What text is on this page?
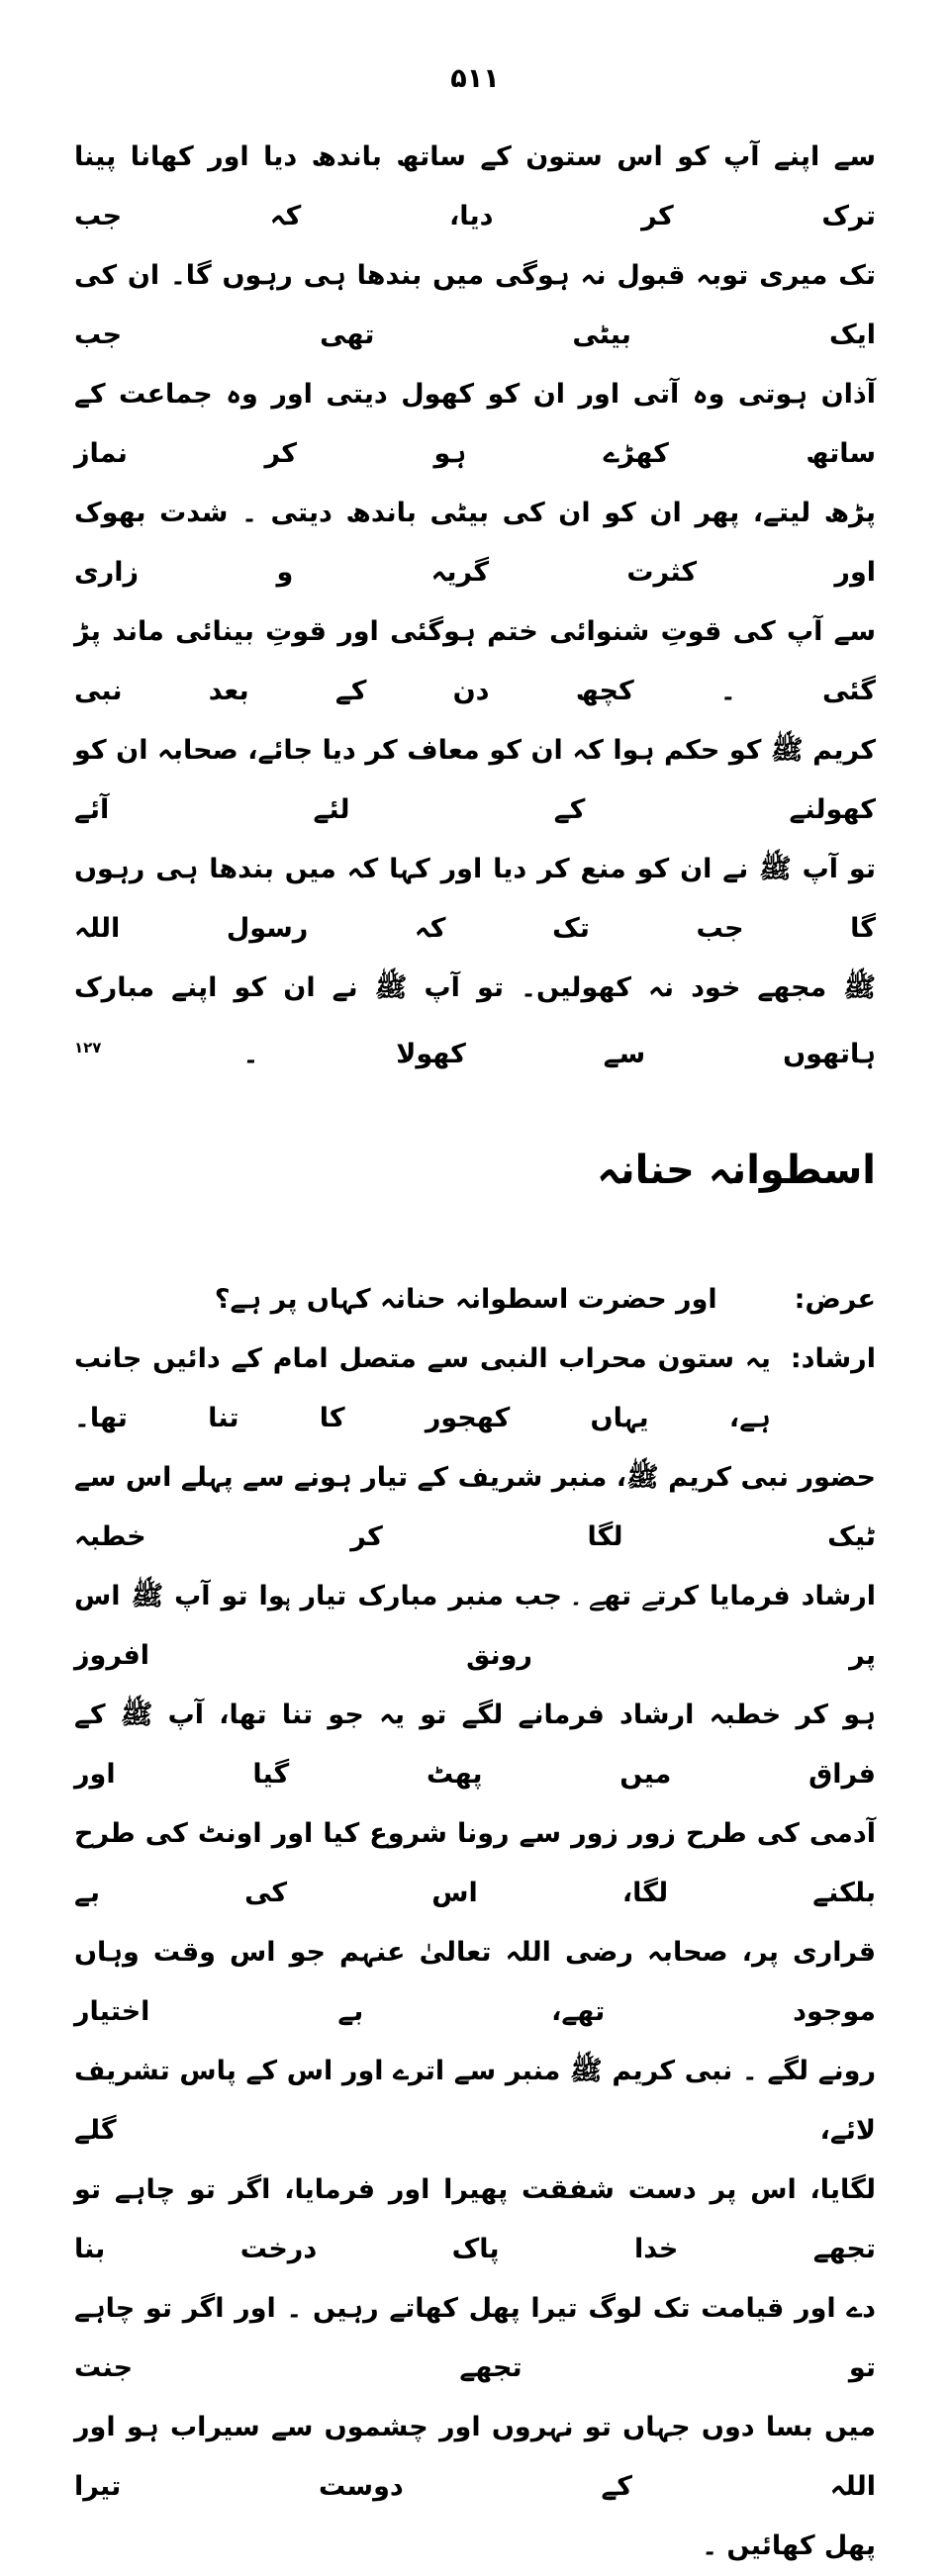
۵۱۱
سے اپنے آپ کو اس ستون کے ساتھ باندھ دیا اور کھانا پینا ترک کر دیا، کہ جب
تک میری توبہ قبول نہ ہوگی میں بندھا ہی رہوں گا۔ ان کی ایک بیٹی تھی جب
آذان ہوتی وہ آتی اور ان کو کھول دیتی اور وہ جماعت کے ساتھ کھڑے ہو کر نماز
پڑھ لیتے، پھر ان کو ان کی بیٹی باندھ دیتی ۔ شدت بھوک اور کثرت گریہ و زاری
سے آپ کی قوتِ شنوائی ختم ہوگئی اور قوتِ بینائی ماند پڑ گئی ۔ کچھ دن کے بعد نبی
کریم ﷺ کو حکم ہوا کہ ان کو معاف کر دیا جائے، صحابہ ان کو کھولنے کے لئے آئے
تو آپ ﷺ نے ان کو منع کر دیا اور کہا کہ میں بندھا ہی رہوں گا جب تک کہ رسول اللہ
ﷺ مجھے خود نہ کھولیں۔ تو آپ ﷺ نے ان کو اپنے مبارک ہاتھوں سے کھولا ۔ $^{۱۲۷}$
اسطوانہ حنانہ
عرض:
اور حضرت اسطوانہ حنانہ کہاں پر ہے؟
ارشاد:
یہ ستون محراب النبی سے متصل امام کے دائیں جانب ہے، یہاں کھجور کا تنا تھا۔
حضور نبی کریم ﷺ، منبر شریف کے تیار ہونے سے پہلے اس سے ٹیک لگا کر خطبہ
ارشاد فرمایا کرتے تھے ۔ جب منبر مبارک تیار ہوا تو آپ ﷺ اس پر رونق افروز
ہو کر خطبہ ارشاد فرمانے لگے تو یہ جو تنا تھا، آپ ﷺ کے فراق میں پھٹ گیا اور
آدمی کی طرح زور زور سے رونا شروع کیا اور اونٹ کی طرح بلکنے لگا، اس کی بے
قراری پر، صحابہ رضی اللہ تعالیٰ عنہم جو اس وقت وہاں موجود تھے، بے اختیار
رونے لگے ۔ نبی کریم ﷺ منبر سے اترے اور اس کے پاس تشریف لائے، گلے
لگایا، اس پر دست شفقت پھیرا اور فرمایا، اگر تو چاہے تو تجھے خدا پاک درخت بنا
دے اور قیامت تک لوگ تیرا پھل کھاتے رہیں ۔ اور اگر تو چاہے تو تجھے جنت
میں بسا دوں جہاں تو نہروں اور چشموں سے سیراب ہو اور اللہ کے دوست تیرا
پھل کھائیں ۔
